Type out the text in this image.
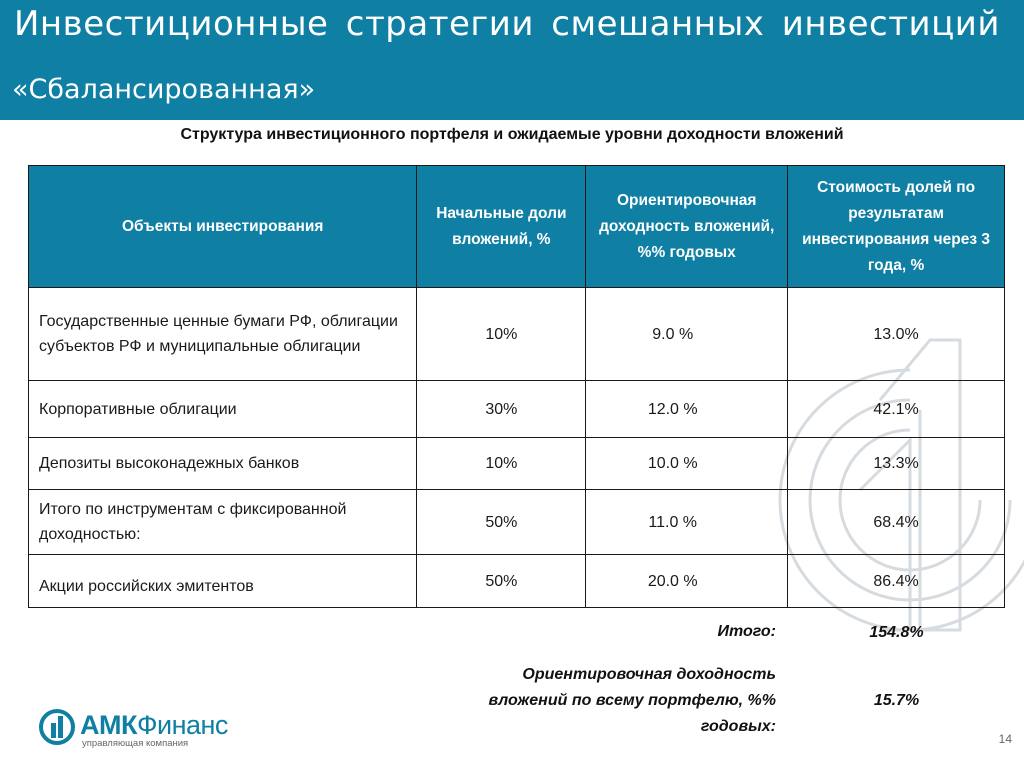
Инвестиционные стратегии смешанных инвестиций
«Сбалансированная»
Структура инвестиционного портфеля и ожидаемые уровни доходности вложений
Объекты инвестирования	Начальные доли вложений, %	Ориентировочная доходность вложений, %% годовых	Стоимость долей по результатам инвестирования через 3 года, %
Государственные ценные бумаги РФ, облигации субъектов РФ и муниципальные облигации	10%	9.0 %	13.0%
Корпоративные облигации	30%	12.0 %	42.1%
Депозиты высоконадежных банков	10%	10.0 %	13.3%
Итого по инструментам с фиксированной доходностью:	50%	11.0 %	68.4%
Акции российских эмитентов	50%	20.0 %	86.4%
Итого:	154.8%
Ориентировочная доходность вложений по всему портфелю, %% годовых:
15.7%
АМКФинанс
управляющая компания	14
